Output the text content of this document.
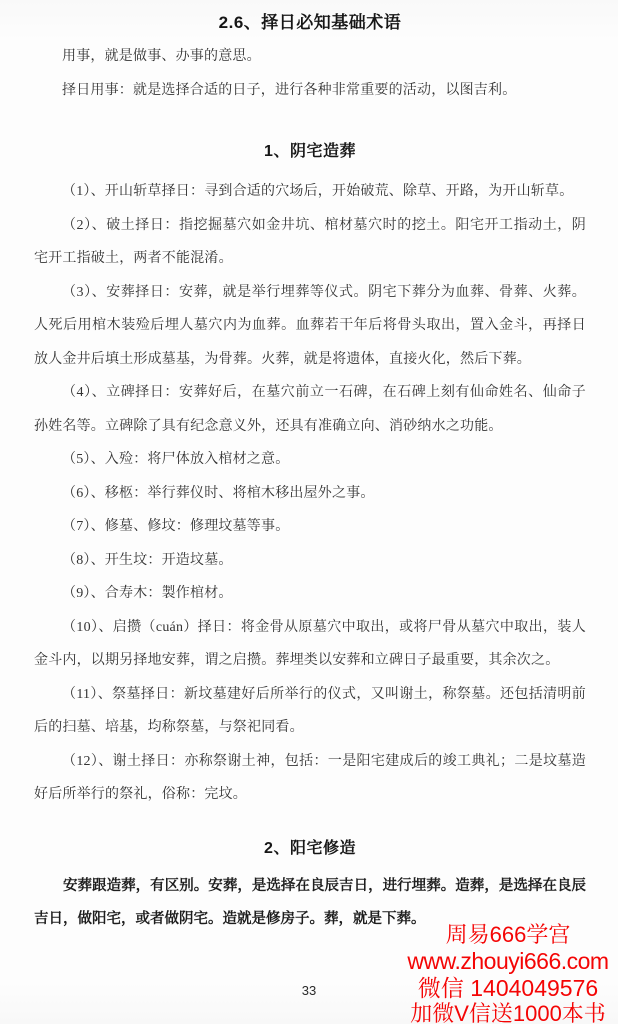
2.6、择日必知基础术语

用事，就是做事、办事的意思。

择日用事：就是选择合适的日子，进行各种非常重要的活动，以图吉利。

1、阴宅造葬

（1）、开山斩草择日：寻到合适的穴场后，开始破荒、除草、开路，为开山斩草。

（2）、破土择日：指挖掘墓穴如金井坑、棺材墓穴时的挖土。阳宅开工指动土，阴宅开工指破土，两者不能混淆。

（3）、安葬择日：安葬，就是举行埋葬等仪式。阴宅下葬分为血葬、骨葬、火葬。人死后用棺木装殓后埋人墓穴内为血葬。血葬若干年后将骨头取出，置入金斗，再择日放人金井后填土形成墓基，为骨葬。火葬，就是将遗体，直接火化，然后下葬。

（4）、立碑择日：安葬好后，在墓穴前立一石碑，在石碑上刻有仙命姓名、仙命子孙姓名等。立碑除了具有纪念意义外，还具有准确立向、消砂纳水之功能。

（5）、入殓：将尸体放入棺材之意。

（6）、移柩：举行葬仪时、将棺木移出屋外之事。

（7）、修墓、修坟：修理坟墓等事。

（8）、开生坟：开造坟墓。

（9）、合寿木：製作棺材。

（10）、启攒（cuán）择日：将金骨从原墓穴中取出，或将尸骨从墓穴中取出，装人金斗内，以期另择地安葬，谓之启攒。葬埋类以安葬和立碑日子最重要，其余次之。

（11）、祭墓择日：新坟墓建好后所举行的仪式，又叫谢土，称祭墓。还包括清明前后的扫墓、培基，均称祭墓，与祭祀同看。

（12）、谢土择日：亦称祭谢土神，包括：一是阳宅建成后的竣工典礼；二是坟墓造好后所举行的祭礼，俗称：完坟。

2、阳宅修造

安葬跟造葬，有区别。安葬，是选择在良辰吉日，进行埋葬。造葬，是选择在良辰吉日，做阳宅，或者做阴宅。造就是修房子。葬，就是下葬。

33
周易666学宫
www.zhouyi666.com
微信 1404049576
加微V信送1000本书
